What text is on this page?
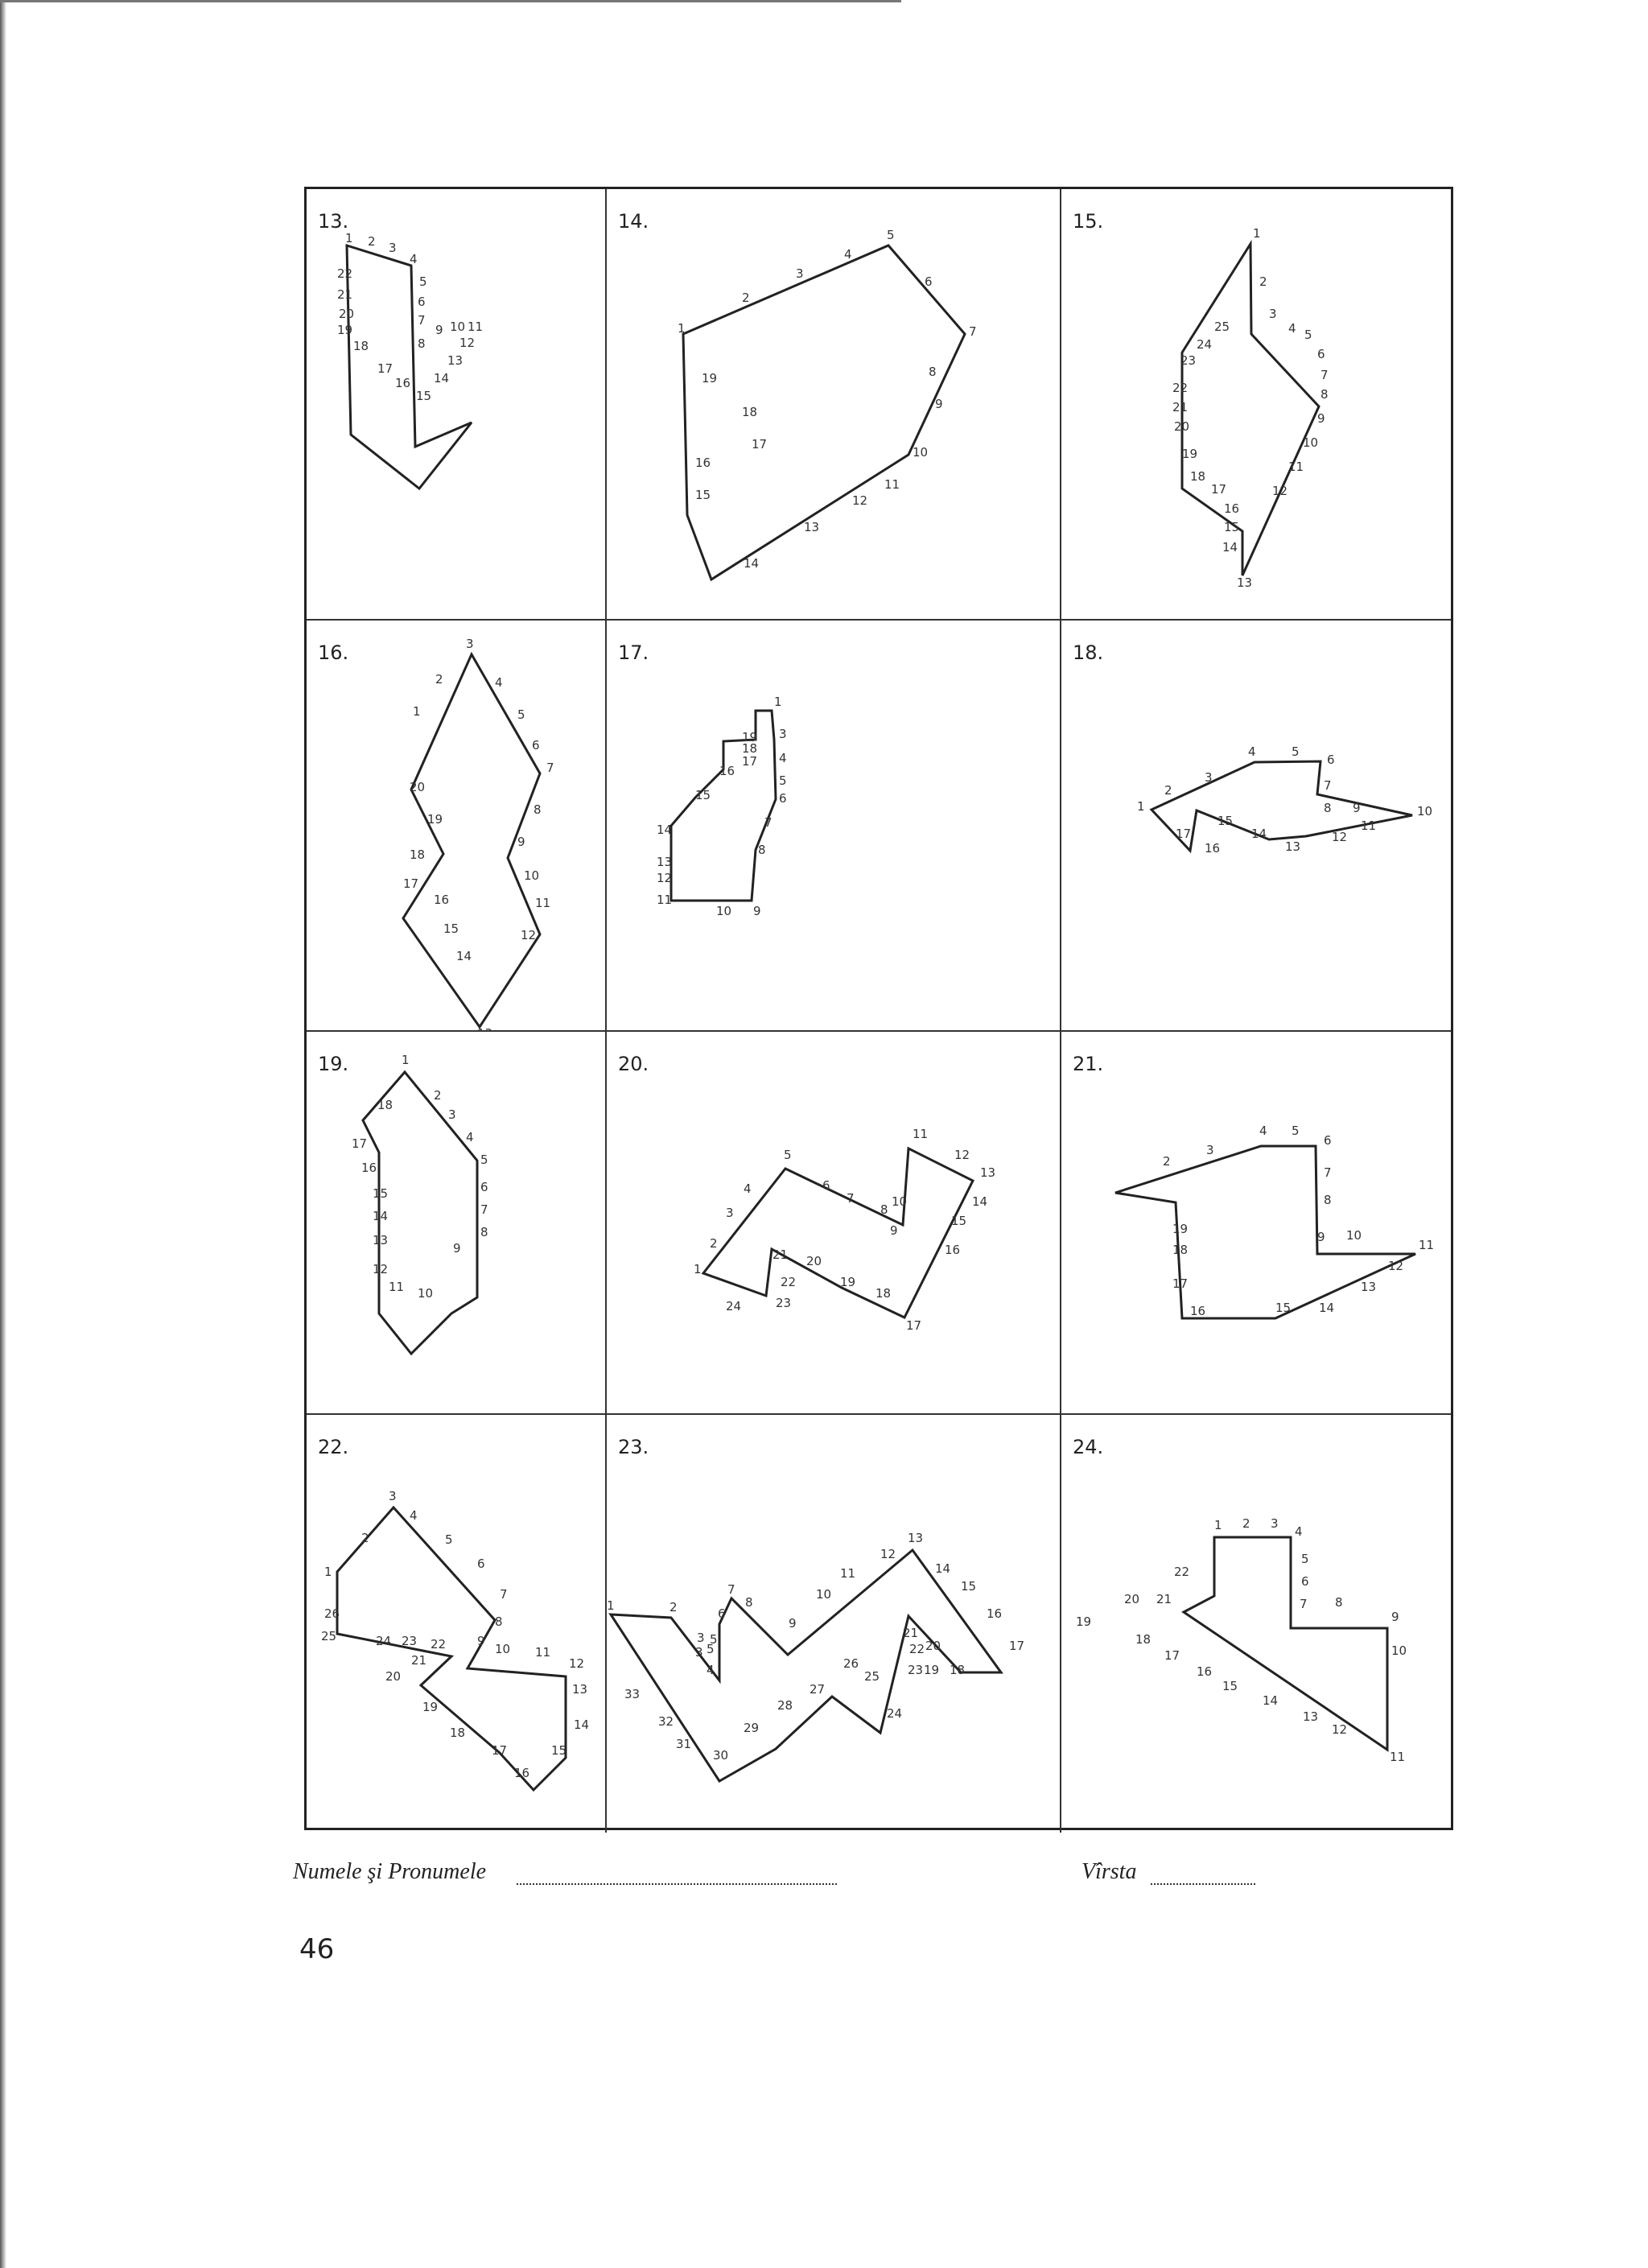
13.
1 2 3
4
5
6
7
8
9 10 11
12
13
14
15
16
17
18
19
20
21
22
14.
1
2
3
4
5
6
7
8
9
10
11
12
13
14
15
16
17
18
19
15.
1
2
3
4 5
6
7
8
9
10
11
12
13
14
15
16
17
18
19
20
21
22
23
24
25
16.	3
2
1
4
5
6
7
8
9
10
11
12
13
14
15
16
17
18
19
20
17.
1
3
4
5
6
7
8
9
10
11
12
13
14
15
16
17
18
19
18.
1
2
3
4	5
6
7
8 9	10
11
12
13
14
15
16
17
19.	1
2
3
4
5
6
7
8
9
10
11
12
13
14
15
16
17
18
20.
1
2
3
4
5
6
7
8
9
10
11
12
13
14
15
16
17
18
19
20
21
22
23
24
21.
2
3
4 5
6
7
8
9 10
11
12
13
14
15
16
17
18
19
22.
1
2
3
4
5
6
7
8
9
10 11
12
13
14
15
16
17
18
19
20
21
22
23
24
25
26
23.
1	2
3
4
5
6
7
8
9
10
11
12
13
14
15
16
17
18
19
20
21
22
23
24
25
26
27
28
29
30
31
32
33
3 5
24.
1 2 3
4
5
6
7 8
9
10
11
12
13
14
15
16
17
18
19
20 21
22
Numele şi Pronumele	Vîrsta
46
